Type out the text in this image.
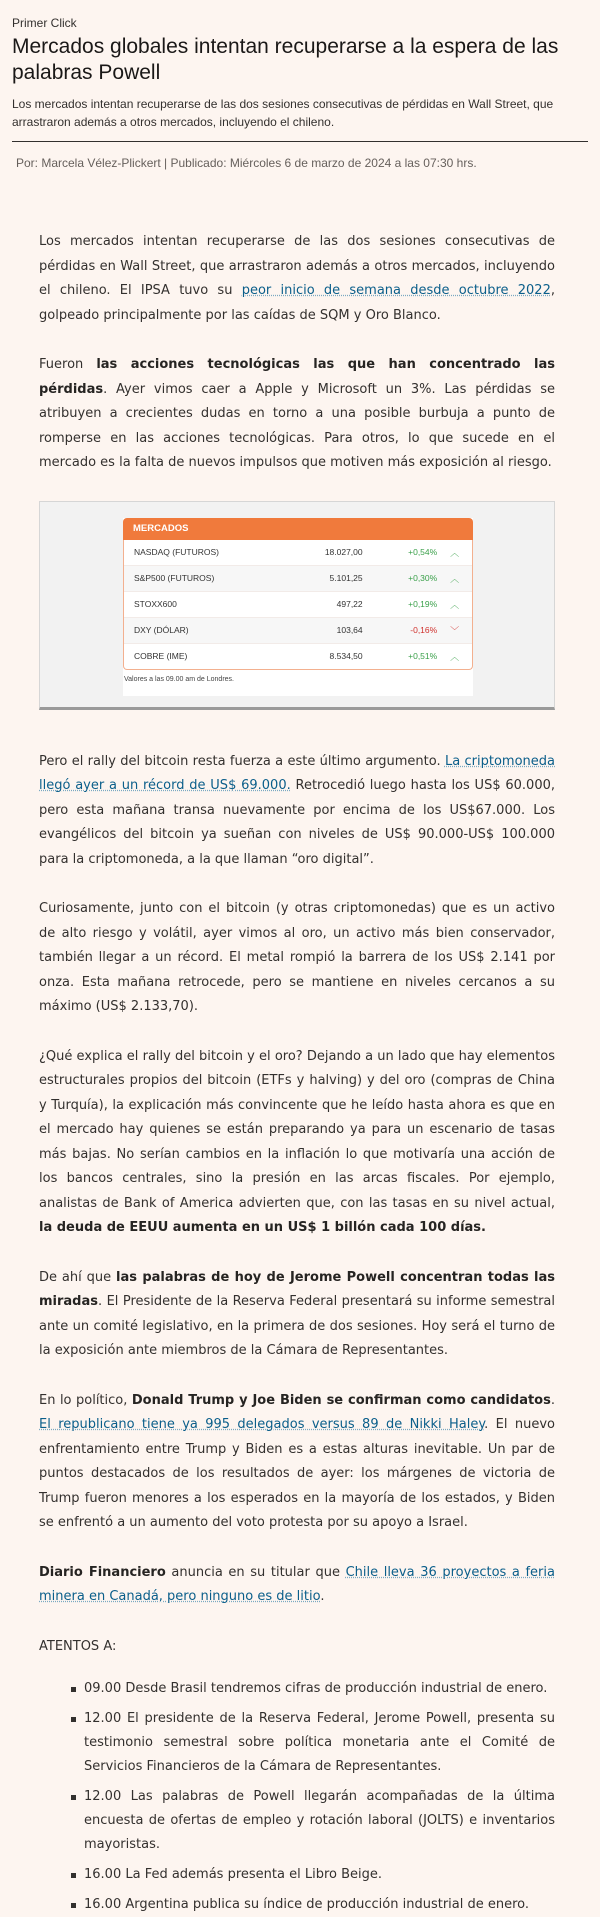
Primer Click
Mercados globales intentan recuperarse a la espera de las palabras Powell

Los mercados intentan recuperarse de las dos sesiones consecutivas de pérdidas en Wall Street, que arrastraron además a otros mercados, incluyendo el chileno.

Por: Marcela Vélez-Plickert | Publicado: Miércoles 6 de marzo de 2024 a las 07:30 hrs.

Los mercados intentan recuperarse de las dos sesiones consecutivas de pérdidas en Wall Street, que arrastraron además a otros mercados, incluyendo el chileno. El IPSA tuvo su peor inicio de semana desde octubre 2022, golpeado principalmente por las caídas de SQM y Oro Blanco.

Fueron las acciones tecnológicas las que han concentrado las pérdidas. Ayer vimos caer a Apple y Microsoft un 3%. Las pérdidas se atribuyen a crecientes dudas en torno a una posible burbuja a punto de romperse en las acciones tecnológicas. Para otros, lo que sucede en el mercado es la falta de nuevos impulsos que motiven más exposición al riesgo.

MERCADOS
NASDAQ (FUTUROS)	18.027,00	+0,54%	︿
S&P500 (FUTUROS)	5.101,25	+0,30%	︿
STOXX600	497,22	+0,19%	︿
DXY (DÓLAR)	103,64	-0,16%	﹀
COBRE (IME)	8.534,50	+0,51%	︿
Valores a las 09.00 am de Londres.

Pero el rally del bitcoin resta fuerza a este último argumento. La criptomoneda llegó ayer a un récord de US$ 69.000. Retrocedió luego hasta los US$ 60.000, pero esta mañana transa nuevamente por encima de los US$67.000. Los evangélicos del bitcoin ya sueñan con niveles de US$ 90.000-US$ 100.000 para la criptomoneda, a la que llaman “oro digital”.

Curiosamente, junto con el bitcoin (y otras criptomonedas) que es un activo de alto riesgo y volátil, ayer vimos al oro, un activo más bien conservador, también llegar a un récord. El metal rompió la barrera de los US$ 2.141 por onza. Esta mañana retrocede, pero se mantiene en niveles cercanos a su máximo (US$ 2.133,70).

¿Qué explica el rally del bitcoin y el oro? Dejando a un lado que hay elementos estructurales propios del bitcoin (ETFs y halving) y del oro (compras de China y Turquía), la explicación más convincente que he leído hasta ahora es que en el mercado hay quienes se están preparando ya para un escenario de tasas más bajas. No serían cambios en la inflación lo que motivaría una acción de los bancos centrales, sino la presión en las arcas fiscales. Por ejemplo, analistas de Bank of America advierten que, con las tasas en su nivel actual, la deuda de EEUU aumenta en un US$ 1 billón cada 100 días.

De ahí que las palabras de hoy de Jerome Powell concentran todas las miradas. El Presidente de la Reserva Federal presentará su informe semestral ante un comité legislativo, en la primera de dos sesiones. Hoy será el turno de la exposición ante miembros de la Cámara de Representantes.

En lo político, Donald Trump y Joe Biden se confirman como candidatos. El republicano tiene ya 995 delegados versus 89 de Nikki Haley. El nuevo enfrentamiento entre Trump y Biden es a estas alturas inevitable. Un par de puntos destacados de los resultados de ayer: los márgenes de victoria de Trump fueron menores a los esperados en la mayoría de los estados, y Biden se enfrentó a un aumento del voto protesta por su apoyo a Israel.

Diario Financiero anuncia en su titular que Chile lleva 36 proyectos a feria minera en Canadá, pero ninguno es de litio.

ATENTOS A:
09.00 Desde Brasil tendremos cifras de producción industrial de enero.
12.00 El presidente de la Reserva Federal, Jerome Powell, presenta su testimonio semestral sobre política monetaria ante el Comité de Servicios Financieros de la Cámara de Representantes.
12.00 Las palabras de Powell llegarán acompañadas de la última encuesta de ofertas de empleo y rotación laboral (JOLTS) e inventarios mayoristas.
16.00 La Fed además presenta el Libro Beige.
16.00 Argentina publica su índice de producción industrial de enero.
